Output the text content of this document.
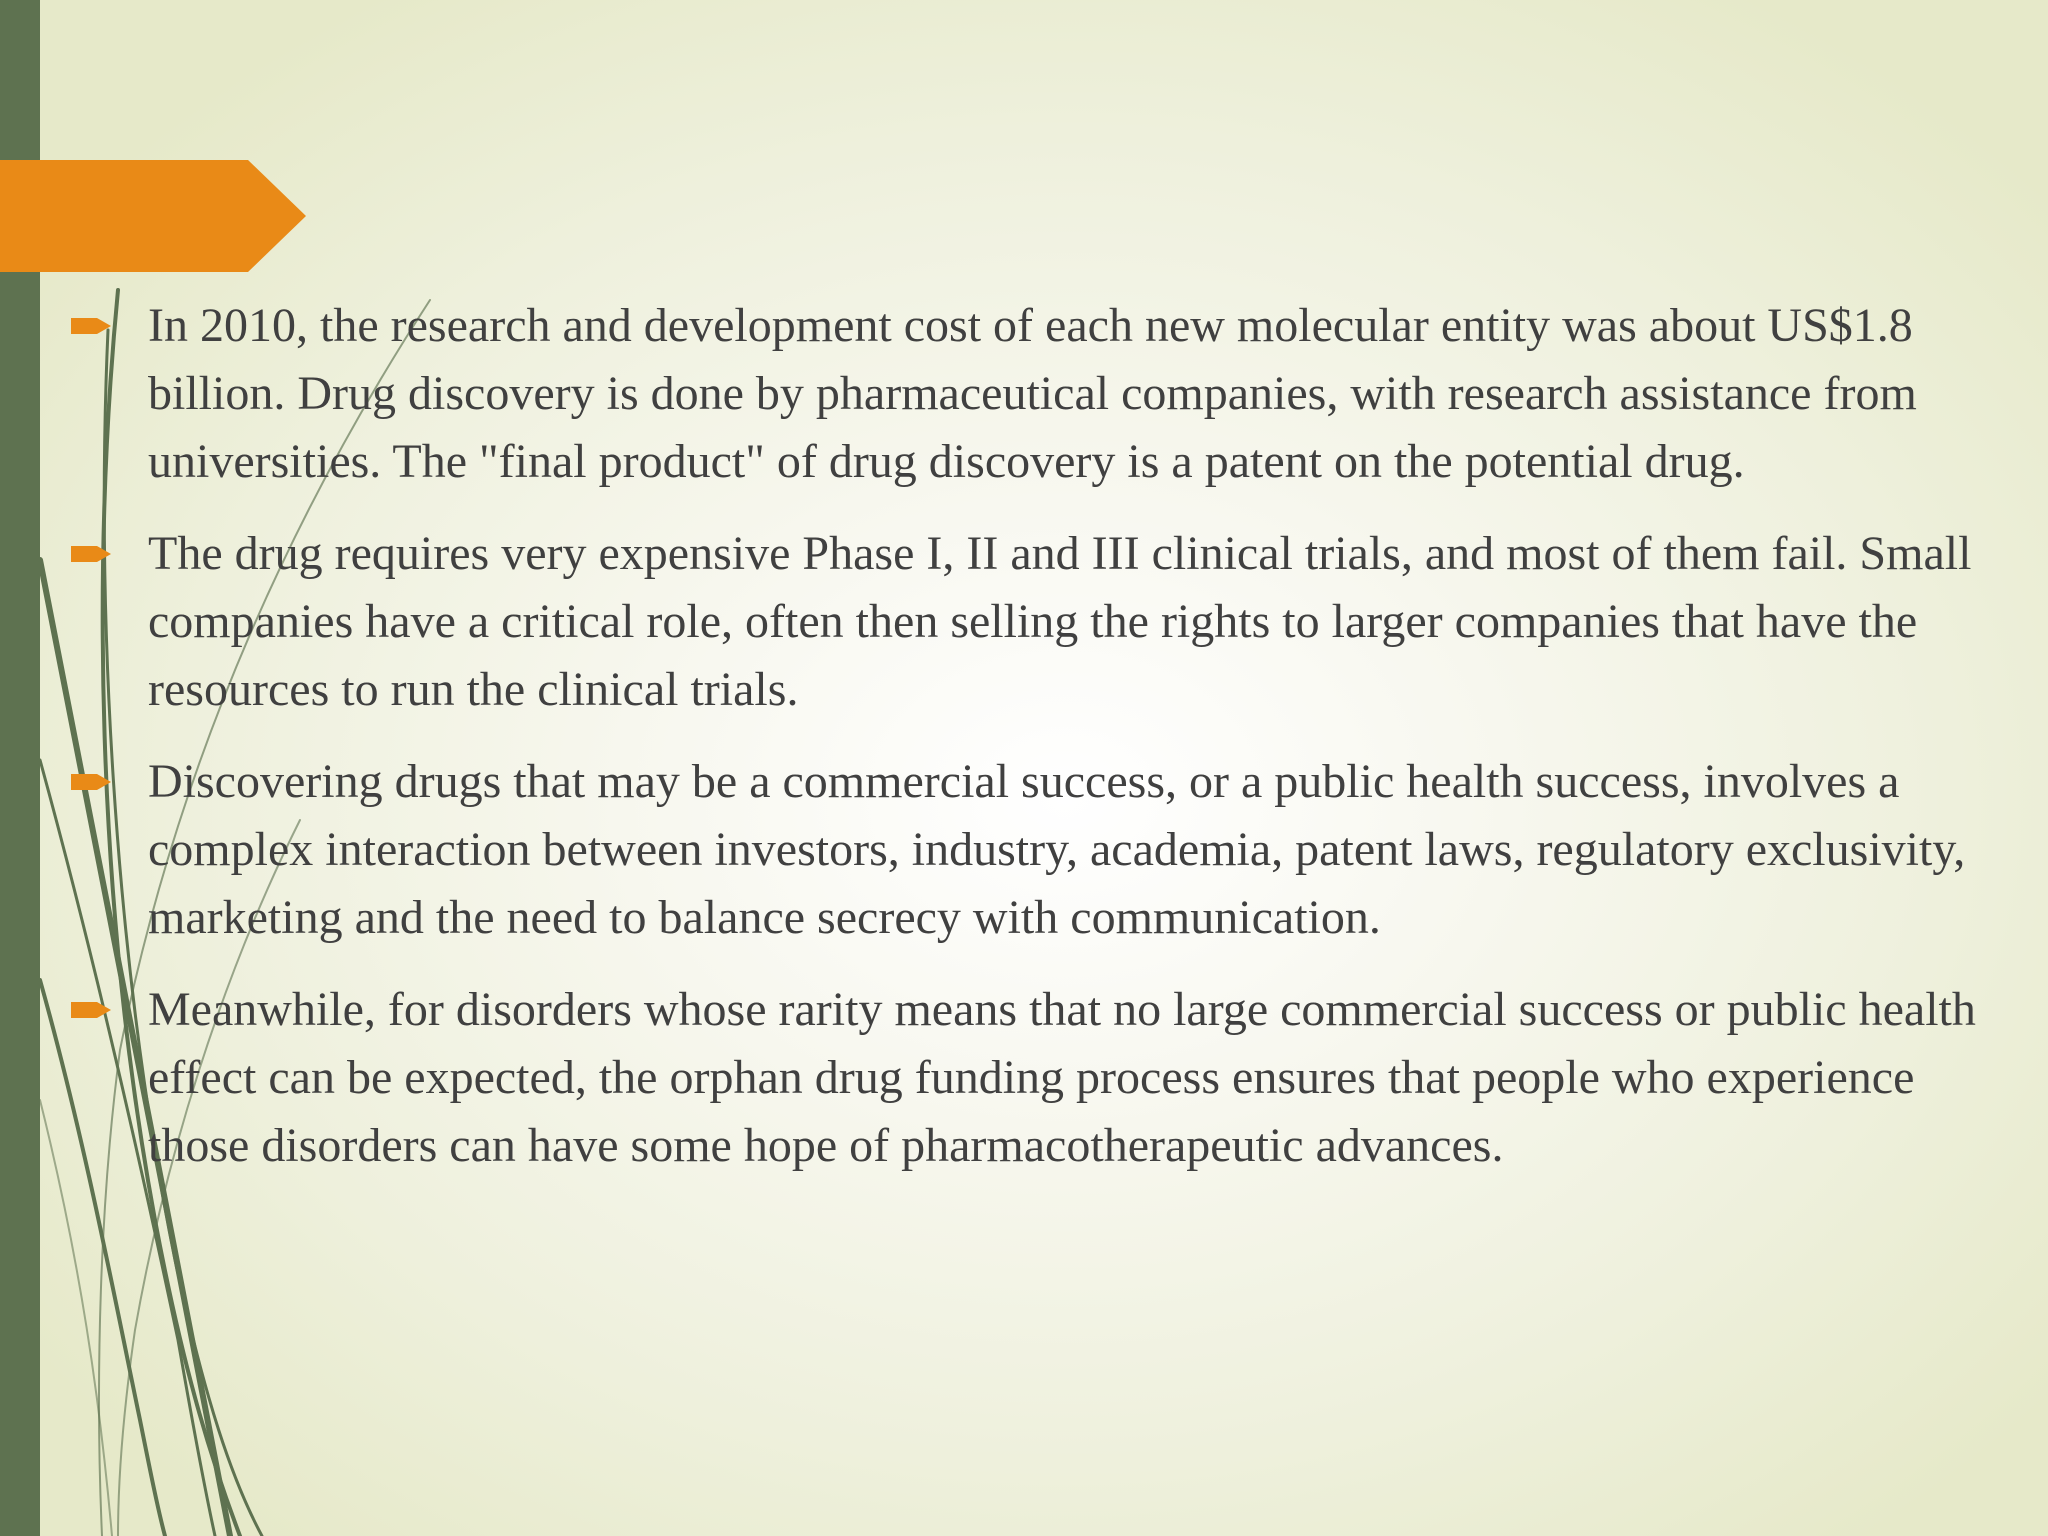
In 2010, the research and development cost of each new molecular entity was about US$1.8 billion. Drug discovery is done by pharmaceutical companies, with research assistance from universities. The "final product" of drug discovery is a patent on the potential drug.
The drug requires very expensive Phase I, II and III clinical trials, and most of them fail. Small companies have a critical role, often then selling the rights to larger companies that have the resources to run the clinical trials.
Discovering drugs that may be a commercial success, or a public health success, involves a complex interaction between investors, industry, academia, patent laws, regulatory exclusivity, marketing and the need to balance secrecy with communication.
Meanwhile, for disorders whose rarity means that no large commercial success or public health effect can be expected, the orphan drug funding process ensures that people who experience those disorders can have some hope of pharmacotherapeutic advances.
